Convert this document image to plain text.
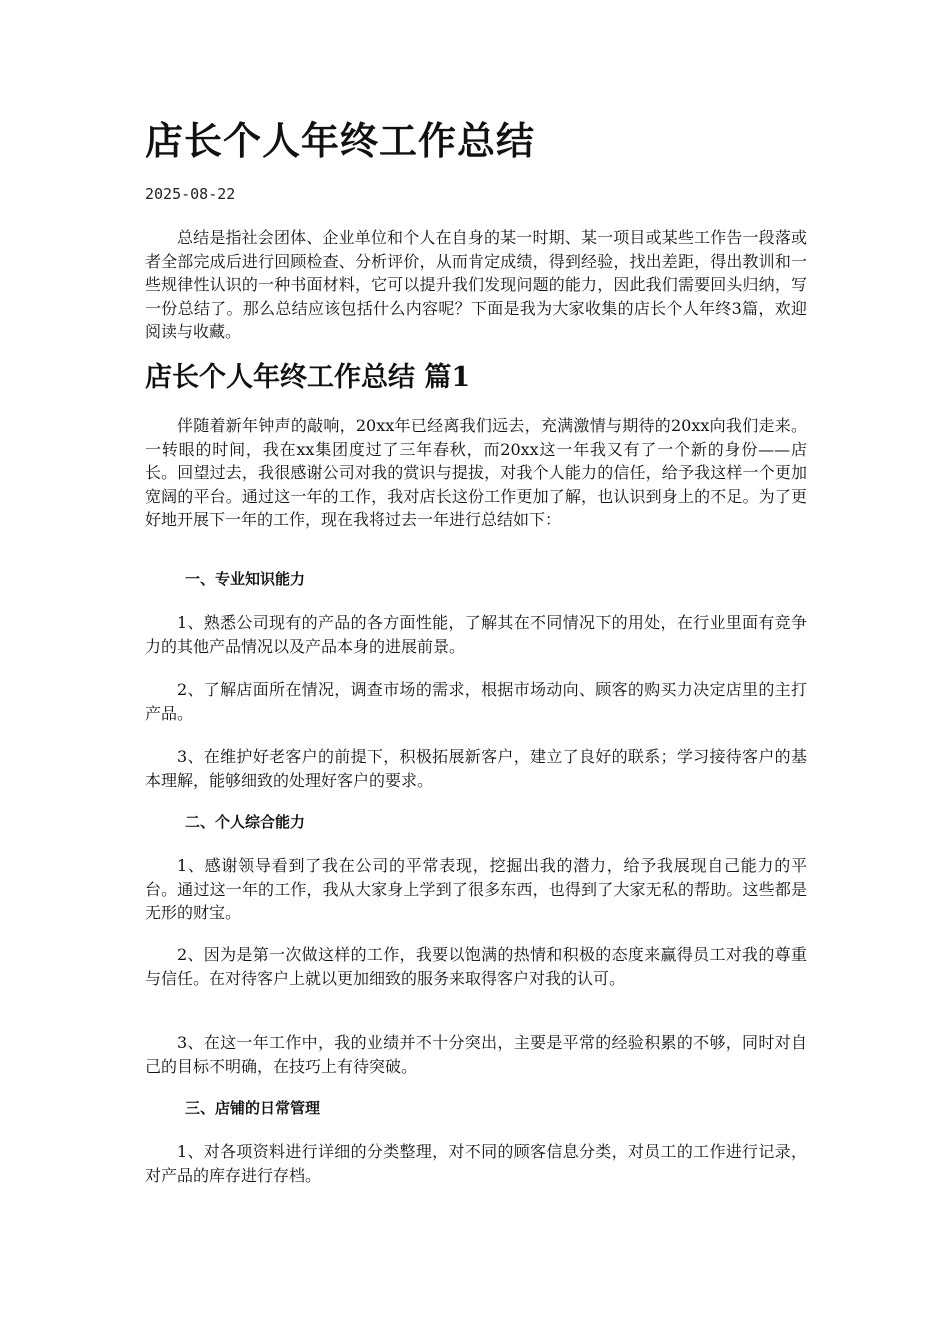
店长个人年终工作总结
2025-08-22

总结是指社会团体、企业单位和个人在自身的某一时期、某一项目或某些工作告一段落或者全部完成后进行回顾检查、分析评价，从而肯定成绩，得到经验，找出差距，得出教训和一些规律性认识的一种书面材料，它可以提升我们发现问题的能力，因此我们需要回头归纳，写一份总结了。那么总结应该包括什么内容呢？下面是我为大家收集的店长个人年终3篇，欢迎阅读与收藏。

店长个人年终工作总结 篇1

伴随着新年钟声的敲响，20xx年已经离我们远去，充满激情与期待的20xx向我们走来。一转眼的时间，我在xx集团度过了三年春秋，而20xx这一年我又有了一个新的身份——店长。回望过去，我很感谢公司对我的赏识与提拔，对我个人能力的信任，给予我这样一个更加宽阔的平台。通过这一年的工作，我对店长这份工作更加了解，也认识到身上的不足。为了更好地开展下一年的工作，现在我将过去一年进行总结如下：

一、专业知识能力

1、熟悉公司现有的产品的各方面性能，了解其在不同情况下的用处，在行业里面有竞争力的其他产品情况以及产品本身的进展前景。

2、了解店面所在情况，调查市场的需求，根据市场动向、顾客的购买力决定店里的主打产品。

3、在维护好老客户的前提下，积极拓展新客户，建立了良好的联系；学习接待客户的基本理解，能够细致的处理好客户的要求。

二、个人综合能力

1、感谢领导看到了我在公司的平常表现，挖掘出我的潜力，给予我展现自己能力的平台。通过这一年的工作，我从大家身上学到了很多东西，也得到了大家无私的帮助。这些都是无形的财宝。

2、因为是第一次做这样的工作，我要以饱满的热情和积极的态度来赢得员工对我的尊重与信任。在对待客户上就以更加细致的服务来取得客户对我的认可。

3、在这一年工作中，我的业绩并不十分突出，主要是平常的经验积累的不够，同时对自己的目标不明确，在技巧上有待突破。

三、店铺的日常管理

1、对各项资料进行详细的分类整理，对不同的顾客信息分类，对员工的工作进行记录，对产品的库存进行存档。
